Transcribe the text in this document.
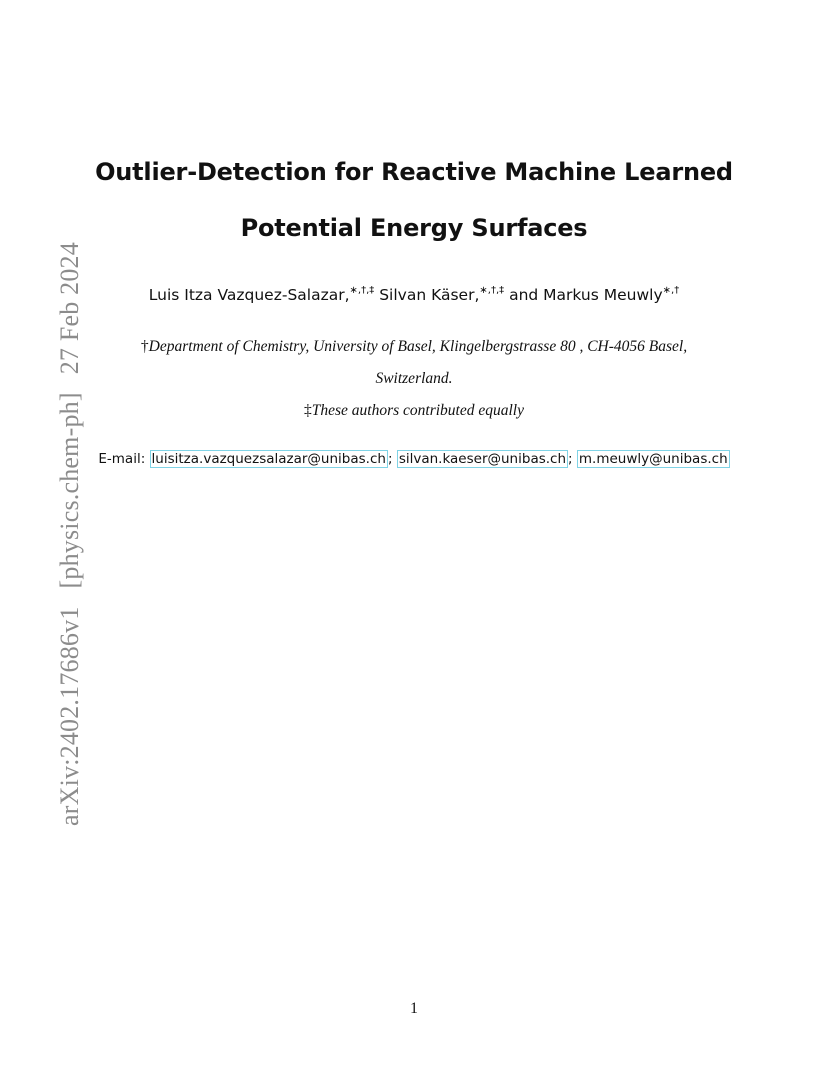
arXiv:2402.17686v1[physics.chem-ph]27 Feb 2024
Outlier-Detection for Reactive Machine Learned
Potential Energy Surfaces
Luis Itza Vazquez-Salazar,∗,†,‡ Silvan Käser,∗,†,‡ and Markus Meuwly∗,†
†Department of Chemistry, University of Basel, Klingelbergstrasse 80 , CH-4056 Basel,
Switzerland.
‡These authors contributed equally
E-mail: luisitza.vazquezsalazar@unibas.ch ; silvan.kaeser@unibas.ch ; m.meuwly@unibas.ch
1
